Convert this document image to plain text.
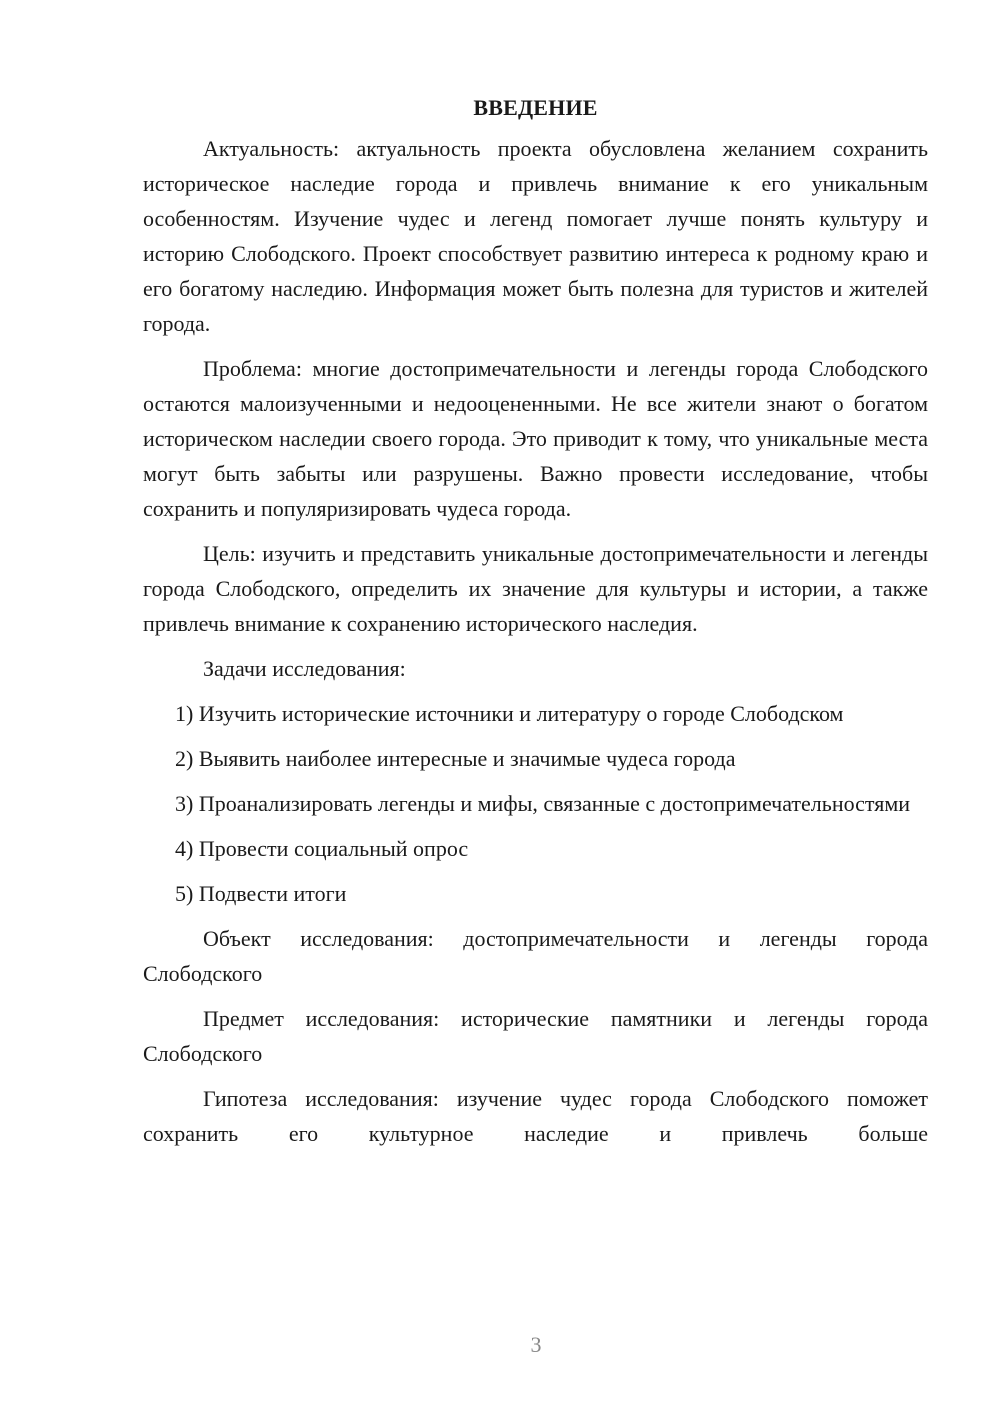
ВВЕДЕНИЕ

Актуальность: актуальность проекта обусловлена желанием сохранить историческое наследие города и привлечь внимание к его уникальным особенностям. Изучение чудес и легенд помогает лучше понять культуру и историю Слободского. Проект способствует развитию интереса к родному краю и его богатому наследию. Информация может быть полезна для туристов и жителей города.

Проблема: многие достопримечательности и легенды города Слободского остаются малоизученными и недооцененными. Не все жители знают о богатом историческом наследии своего города. Это приводит к тому, что уникальные места могут быть забыты или разрушены. Важно провести исследование, чтобы сохранить и популяризировать чудеса города.

Цель: изучить и представить уникальные достопримечательности и легенды города Слободского, определить их значение для культуры и истории, а также привлечь внимание к сохранению исторического наследия.

Задачи исследования:

1) Изучить исторические источники и литературу о городе Слободском

2) Выявить наиболее интересные и значимые чудеса города

3) Проанализировать легенды и мифы, связанные с достопримечательностями

4) Провести социальный опрос

5) Подвести итоги

Объект исследования: достопримечательности и легенды города Слободского

Предмет исследования: исторические памятники и легенды города Слободского

Гипотеза исследования: изучение чудес города Слободского поможет сохранить его культурное наследие и привлечь больше

3
